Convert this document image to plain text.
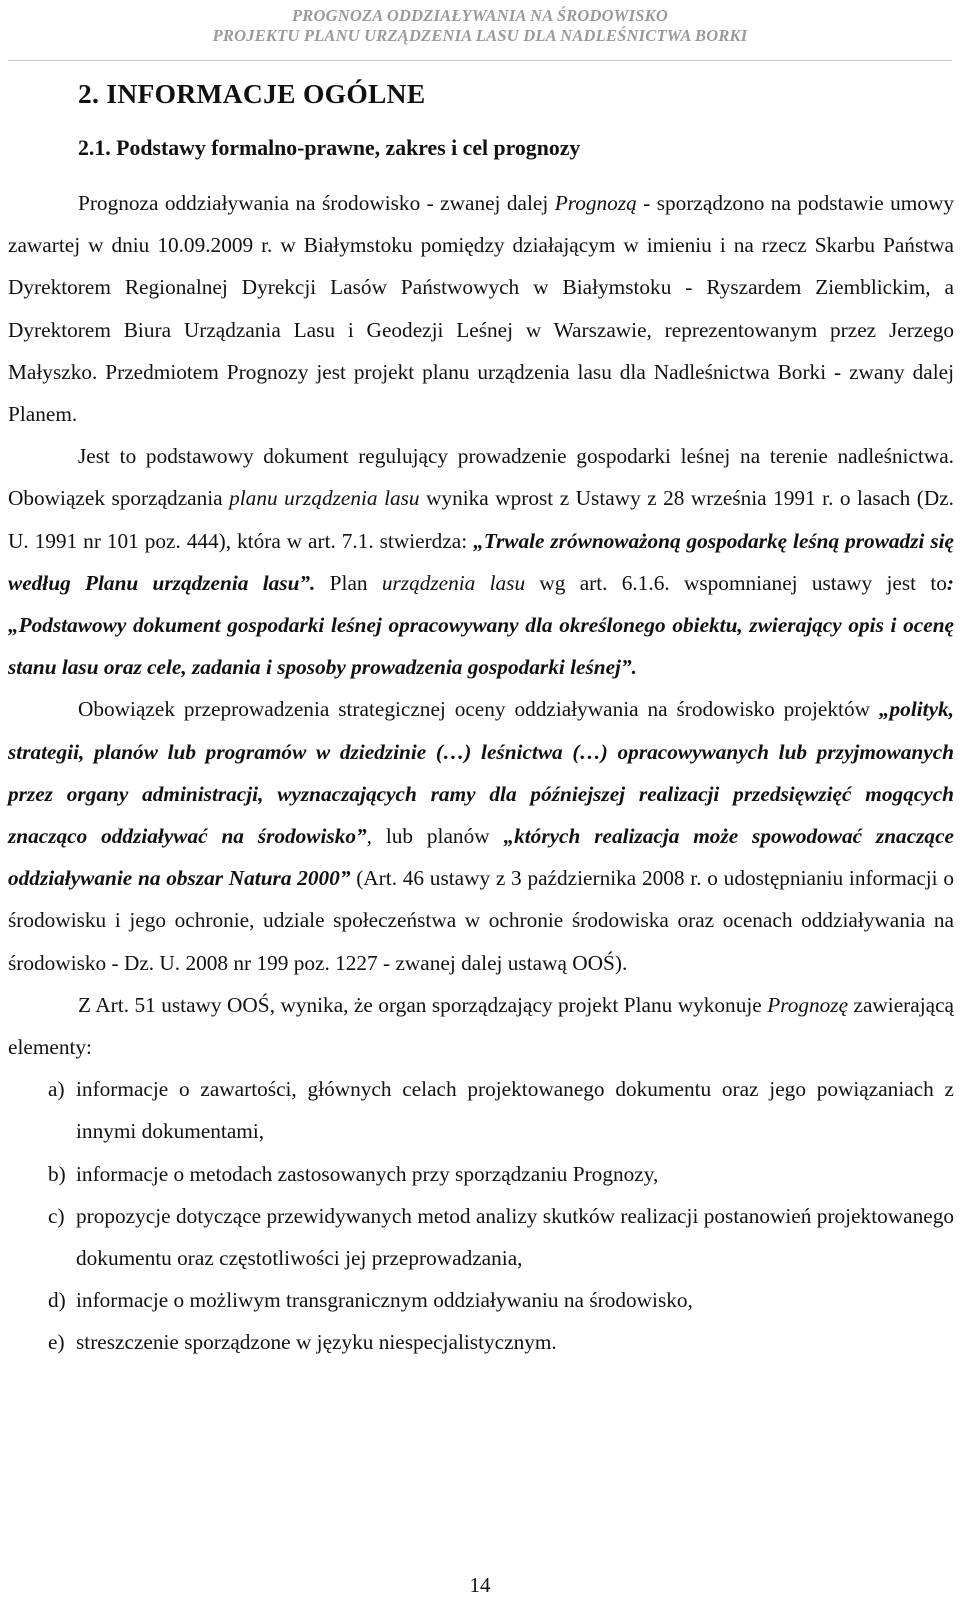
PROGNOZA ODDZIAŁYWANIA NA ŚRODOWISKO
PROJEKTU PLANU URZĄDZENIA LASU DLA NADLEŚNICTWA BORKI
2. INFORMACJE OGÓLNE
2.1. Podstawy formalno-prawne, zakres i cel prognozy

Prognoza oddziaływania na środowisko - zwanej dalej Prognozą - sporządzono na podstawie umowy zawartej w dniu 10.09.2009 r. w Białymstoku pomiędzy działającym w imieniu i na rzecz Skarbu Państwa Dyrektorem Regionalnej Dyrekcji Lasów Państwowych w Białymstoku - Ryszardem Ziemblickim, a Dyrektorem Biura Urządzania Lasu i Geodezji Leśnej w Warszawie, reprezentowanym przez Jerzego Małyszko. Przedmiotem Prognozy jest projekt planu urządzenia lasu dla Nadleśnictwa Borki - zwany dalej Planem.

Jest to podstawowy dokument regulujący prowadzenie gospodarki leśnej na terenie nadleśnictwa. Obowiązek sporządzania planu urządzenia lasu wynika wprost z Ustawy z 28 września 1991 r. o lasach (Dz. U. 1991 nr 101 poz. 444), która w art. 7.1. stwierdza: „Trwale zrównoważoną gospodarkę leśną prowadzi się według Planu urządzenia lasu”. Plan urządzenia lasu wg art. 6.1.6. wspomnianej ustawy jest to: „Podstawowy dokument gospodarki leśnej opracowywany dla określonego obiektu, zwierający opis i ocenę stanu lasu oraz cele, zadania i sposoby prowadzenia gospodarki leśnej”.

Obowiązek przeprowadzenia strategicznej oceny oddziaływania na środowisko projektów „polityk, strategii, planów lub programów w dziedzinie (…) leśnictwa (…) opracowywanych lub przyjmowanych przez organy administracji, wyznaczających ramy dla późniejszej realizacji przedsięwzięć mogących znacząco oddziaływać na środowisko”, lub planów „których realizacja może spowodować znaczące oddziaływanie na obszar Natura 2000” (Art. 46 ustawy z 3 października 2008 r. o udostępnianiu informacji o środowisku i jego ochronie, udziale społeczeństwa w ochronie środowiska oraz ocenach oddziaływania na środowisko - Dz. U. 2008 nr 199 poz. 1227 - zwanej dalej ustawą OOŚ).

Z Art. 51 ustawy OOŚ, wynika, że organ sporządzający projekt Planu wykonuje Prognozę zawierającą elementy:

a) informacje o zawartości, głównych celach projektowanego dokumentu oraz jego powiązaniach z innymi dokumentami,
b) informacje o metodach zastosowanych przy sporządzaniu Prognozy,
c) propozycje dotyczące przewidywanych metod analizy skutków realizacji postanowień projektowanego dokumentu oraz częstotliwości jej przeprowadzania,
d) informacje o możliwym transgranicznym oddziaływaniu na środowisko,
e) streszczenie sporządzone w języku niespecjalistycznym.
14
